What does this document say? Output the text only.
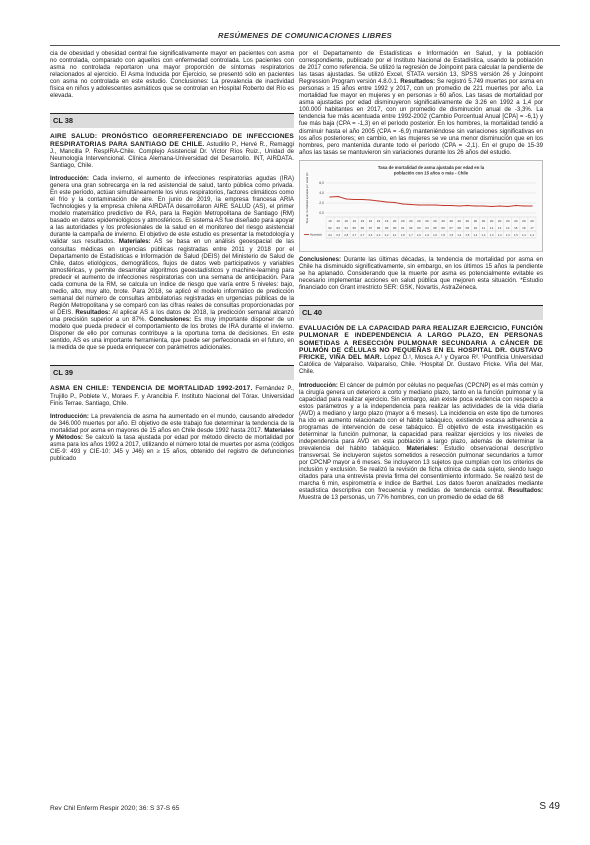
RESÚMENES DE COMUNICACIONES LIBRES

cia de obesidad y obesidad central fue significativamente mayor en pacientes con asma no controlada, comparado con aquellos con enfermedad controlada. Los pacientes con asma no controlada reportaron una mayor proporción de síntomas respiratorios relacionados al ejercicio. El Asma Inducida por Ejercicio, se presentó sólo en pacientes con asma no controlada en este estudio. Conclusiones: La prevalencia de inactividad física en niños y adolescentes asmáticos que se controlan en Hospital Roberto del Río es elevada.

CL 38

AIRE SALUD: PRONÓSTICO GEORREFERENCIADO DE INFECCIONES RESPIRATORIAS PARA SANTIAGO DE CHILE. Astudillo P., Hervé R., Remaggi J., Mancilla P. RespIRA-Chile. Complejo Asistencial Dr. Víctor Ríos Ruiz., Unidad de Neumología Intervencional. Clínica Alemana-Universidad del Desarrollo. INT, AIRDATA. Santiago, Chile.

Introducción: Cada invierno, el aumento de infecciones respiratorias agudas (IRA) genera una gran sobrecarga en la red asistencial de salud, tanto pública como privada. En este período, actúan simultáneamente los virus respiratorios, factores climáticos como el frío y la contaminación de aire. En junio de 2019, la empresa francesa ARIA Technologies y la empresa chilena AIRDATA desarrollaron AIRE SALUD (AS), el primer modelo matemático predictivo de IRA, para la Región Metropolitana de Santiago (RM) basado en datos epidemiológicos y atmosféricos. El sistema AS fue diseñado para apoyar a las autoridades y los profesionales de la salud en el monitoreo del riesgo asistencial durante la campaña de invierno. El objetivo de este estudio es presentar la metodología y validar sus resultados. Materiales: AS se basa en un análisis geoespacial de las consultas médicas en urgencias públicas registradas entre 2011 y 2018 por el Departamento de Estadísticas e Información de Salud (DEIS) del Ministerio de Salud de Chile, datos etiológicos, demográficos, flujos de datos web participativos y variables atmosféricas, y permite desarrollar algoritmos geoestadísticos y machine-learning para predecir el aumento de infecciones respiratorias con una semana de anticipación. Para cada comuna de la RM, se calcula un índice de riesgo que varía entre 5 niveles: bajo, medio, alto, muy alto, brote. Para 2018, se aplicó el modelo informático de predicción semanal del número de consultas ambulatorias registradas en urgencias públicas de la Región Metropolitana y se comparó con las cifras reales de consultas proporcionadas por el DEIS. Resultados: Al aplicar AS a los datos de 2018, la predicción semanal alcanzó una precisión superior a un 87%. Conclusiones: Es muy importante disponer de un modelo que pueda predecir el comportamiento de los brotes de IRA durante el invierno. Disponer de ello por comunas contribuye a la oportuna toma de decisiones. En este sentido, AS es una importante herramienta, que puede ser perfeccionada en el futuro, en la medida de que se pueda enriquecer con parámetros adicionales.

CL 39

ASMA EN CHILE: TENDENCIA DE MORTALIDAD 1992-2017. Fernández P., Trujillo P., Poblete V., Moraes F. y Arancibia F. Instituto Nacional del Tórax. Universidad Finis Terrae. Santiago, Chile.

Introducción: La prevalencia de asma ha aumentado en el mundo, causando alrededor de 346.000 muertes por año. El objetivo de este trabajo fue determinar la tendencia de la mortalidad por asma en mayores de 15 años en Chile desde 1992 hasta 2017. Materiales y Métodos: Se calculó la tasa ajustada por edad por método directo de mortalidad por asma para los años 1992 a 2017, utilizando el número total de muertes por asma (códigos CIE-9: 493 y CIE-10: J45 y J46) en ≥ 15 años, obtenido del registro de defunciones publicado

por el Departamento de Estadísticas e Información en Salud, y la población correspondiente, publicado por el Instituto Nacional de Estadística, usando la población de 2017 como referencia. Se utilizó la regresión de Joinpoint para calcular la pendiente de las tasas ajustadas. Se utilizó Excel, STATA versión 13, SPSS versión 26 y Joinpoint Regression Program versión 4.8.0.1. Resultados: Se registró 5.749 muertes por asma en personas ≥ 15 años entre 1992 y 2017, con un promedio de 221 muertes por año. La mortalidad fue mayor en mujeres y en personas ≥ 60 años. Las tasas de mortalidad por asma ajustadas por edad disminuyeron significativamente de 3.26 en 1992 a 1,4 por 100.000 habitantes en 2017, con un promedio de disminución anual de -3,3%. La tendencia fue más acentuada entre 1992-2002 (Cambio Porcentual Anual [CPA] = -6,1) y fue más baja (CPA = -1,3) en el período posterior. En los hombres, la mortalidad tendió a disminuir hasta el año 2005 (CPA = -6,9) manteniéndose sin variaciones significativas en los años posteriores; en cambio, en las mujeres se ve una menor disminución que en los hombres, pero mantenida durante todo el período (CPA = -2,1). En el grupo de 15-39 años las tasas se mantuvieron sin variaciones durante los 26 años del estudio.

Tasa de mortalidad de asma ajustada por edad en la población con 15 años o más - Chile
Tasa de mortalidad ajustada por edad (x1	6,0
4,0
2,0
0,0
19 19 19 19 19 19 19 19 20 20 20 20 20 20 20 20 20 20 20 20 20 20 20 20 20 20
92 93 94 95 96 97 98 99 00 01 02 03 04 05 06 07 08 09 10 11 12 13 14 15 16 17
Ajustado 3,2 3,3 2,8 2,7 2,7 2,6 2,4 2,2 2,1 1,8 1,7 1,6 1,6 1,6 1,5 1,5 1,4 1,5 1,4 1,4 1,3 1,4 1,3 1,5 1,4 1,4

Conclusiones: Durante las últimas décadas, la tendencia de mortalidad por asma en Chile ha disminuido significativamente, sin embargo, en los últimos 15 años la pendiente se ha aplanado. Considerando que la muerte por asma es potencialmente evitable es necesario implementar acciones en salud pública que mejoren esta situación. *Estudio financiado con Grant irrestricto SER: GSK, Novartis, AstraZeneca.

CL 40

EVALUACIÓN DE LA CAPACIDAD PARA REALIZAR EJERCICIO, FUNCIÓN PULMONAR E INDEPENDENCIA A LARGO PLAZO, EN PERSONAS SOMETIDAS A RESECCIÓN PULMONAR SECUNDARIA A CÁNCER DE PULMÓN DE CÉLULAS NO PEQUEÑAS EN EL HOSPITAL DR. GUSTAVO FRICKE, VIÑA DEL MAR. López D.¹, Mosca A.¹ y Oyarce R². ¹Pontificia Universidad Católica de Valparaíso. Valparaíso, Chile. ²Hospital Dr. Gustavo Fricke. Viña del Mar, Chile.

Introducción: El cáncer de pulmón por células no pequeñas (CPCNP) es el más común y la cirugía genera un deterioro a corto y mediano plazo, tanto en la función pulmonar y la capacidad para realizar ejercicio. Sin embargo, aún existe poca evidencia con respecto a estos parámetros y a la independencia para realizar las actividades de la vida diaria (AVD) a mediano y largo plazo (mayor a 6 meses). La incidencia en este tipo de tumores ha ido en aumento relacionado con el hábito tabáquico, existiendo escasa adherencia a programas de intervención de cese tabáquico. El objetivo de esta investigación es determinar la función pulmonar, la capacidad para realizar ejercicios y los niveles de independencia para AVD en esta población a largo plazo, además de determinar la prevalencia del hábito tabáquico. Materiales: Estudio observacional descriptivo transversal. Se incluyeron sujetos sometidos a resección pulmonar secundarios a tumor por CPCNP mayor a 6 meses. Se incluyeron 13 sujetos que cumplían con los criterios de inclusión y exclusión. Se realizó la revisión de ficha clínica de cada sujeto, siendo luego citados para una entrevista previa firma del consentimiento informado. Se realizó test de marcha 6 min, espirometría e índice de Barthel. Los datos fueron analizados mediante estadística descriptiva con frecuencia y medidas de tendencia central. Resultados: Muestra de 13 personas, un 77% hombres, con un promedio de edad de 68

Rev Chil Enferm Respir 2020; 36: S 37-S 65	S 49
